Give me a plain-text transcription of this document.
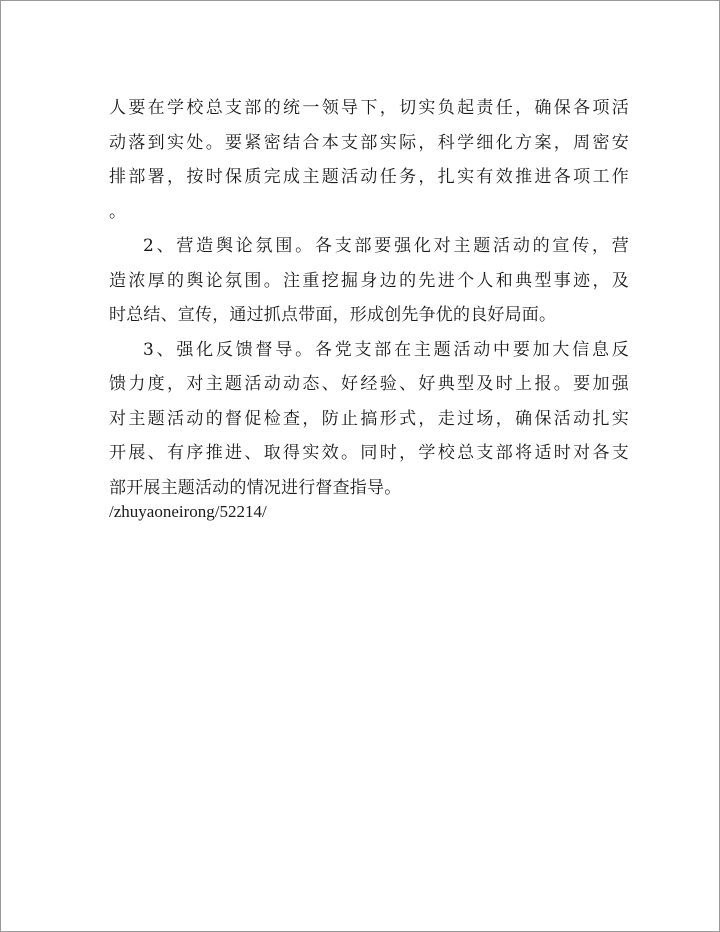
人要在学校总支部的统一领导下，切实负起责任，确保各项活
动落到实处。要紧密结合本支部实际，科学细化方案，周密安
排部署，按时保质完成主题活动任务，扎实有效推进各项工作
。
2、营造舆论氛围。各支部要强化对主题活动的宣传，营
造浓厚的舆论氛围。注重挖掘身边的先进个人和典型事迹，及
时总结、宣传，通过抓点带面，形成创先争优的良好局面。
3、强化反馈督导。各党支部在主题活动中要加大信息反
馈力度，对主题活动动态、好经验、好典型及时上报。要加强
对主题活动的督促检查，防止搞形式，走过场，确保活动扎实
开展、有序推进、取得实效。同时，学校总支部将适时对各支
部开展主题活动的情况进行督查指导。
/zhuyaoneirong/52214/
